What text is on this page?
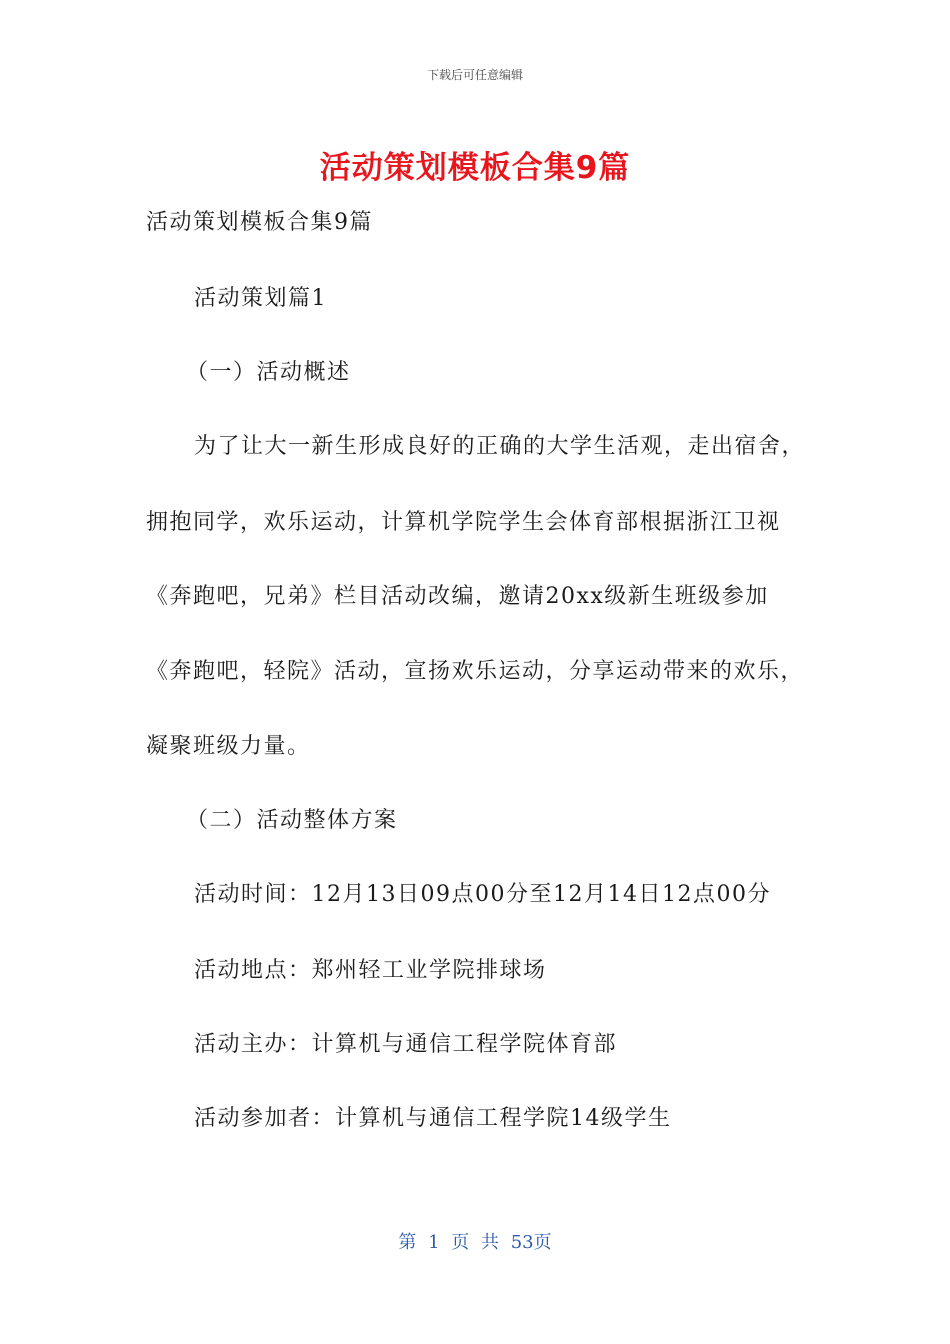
下载后可任意编辑
活动策划模板合集9篇
活动策划模板合集9篇
活动策划篇1
（一）活动概述
为了让大一新生形成良好的正确的大学生活观，走出宿舍，
拥抱同学，欢乐运动，计算机学院学生会体育部根据浙江卫视
《奔跑吧，兄弟》栏目活动改编，邀请20xx级新生班级参加
《奔跑吧，轻院》活动，宣扬欢乐运动，分享运动带来的欢乐，
凝聚班级力量。
（二）活动整体方案
活动时间：12月13日09点00分至12月14日12点00分
活动地点：郑州轻工业学院排球场
活动主办：计算机与通信工程学院体育部
活动参加者：计算机与通信工程学院14级学生
第 1 页 共 53页
